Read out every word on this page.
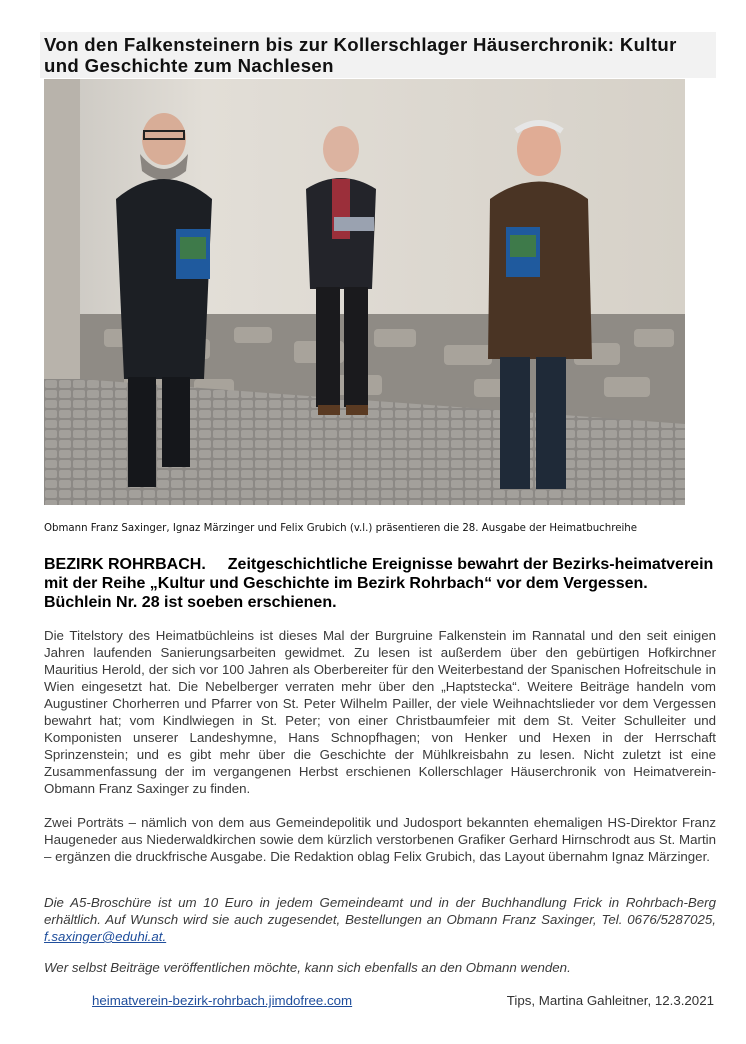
Von den Falkensteinern bis zur Kollerschlager Häuserchronik: Kultur und Geschichte zum Nachlesen
Obmann Franz Saxinger, Ignaz Märzinger und Felix Grubich (v.l.) präsentieren die 28. Ausgabe der Heimatbuchreihe

BEZIRK ROHRBACH. Zeitgeschichtliche Ereignisse bewahrt der Bezirks-heimatverein mit der Reihe „Kultur und Geschichte im Bezirk Rohrbach“ vor dem Vergessen. Büchlein Nr. 28 ist soeben erschienen.

Die Titelstory des Heimatbüchleins ist dieses Mal der Burgruine Falkenstein im Rannatal und den seit einigen Jahren laufenden Sanierungsarbeiten gewidmet. Zu lesen ist außerdem über den gebürtigen Hofkirchner Mauritius Herold, der sich vor 100 Jahren als Oberbereiter für den Weiterbestand der Spanischen Hofreitschule in Wien eingesetzt hat. Die Nebelberger verraten mehr über den „Haptstecka“. Weitere Beiträge handeln vom Augustiner Chorherren und Pfarrer von St. Peter Wilhelm Pailler, der viele Weihnachtslieder vor dem Vergessen bewahrt hat; vom Kindlwiegen in St. Peter; von einer Christbaumfeier mit dem St. Veiter Schulleiter und Komponisten unserer Landeshymne, Hans Schnopfhagen; von Henker und Hexen in der Herrschaft Sprinzenstein; und es gibt mehr über die Geschichte der Mühlkreisbahn zu lesen. Nicht zuletzt ist eine Zusammenfassung der im vergangenen Herbst erschienen Kollerschlager Häuserchronik von Heimatverein-Obmann Franz Saxinger zu finden.

Zwei Porträts – nämlich von dem aus Gemeindepolitik und Judosport bekannten ehemaligen HS-Direktor Franz Haugeneder aus Niederwaldkirchen sowie dem kürzlich verstorbenen Grafiker Gerhard Hirnschrodt aus St. Martin – ergänzen die druckfrische Ausgabe. Die Redaktion oblag Felix Grubich, das Layout übernahm Ignaz Märzinger.

Die A5-Broschüre ist um 10 Euro in jedem Gemeindeamt und in der Buchhandlung Frick in Rohrbach-Berg erhältlich. Auf Wunsch wird sie auch zugesendet, Bestellungen an Obmann Franz Saxinger, Tel. 0676/5287025, f.saxinger@eduhi.at.

Wer selbst Beiträge veröffentlichen möchte, kann sich ebenfalls an den Obmann wenden.

heimatverein-bezirk-rohrbach.jimdofree.com	Tips, Martina Gahleitner, 12.3.2021
